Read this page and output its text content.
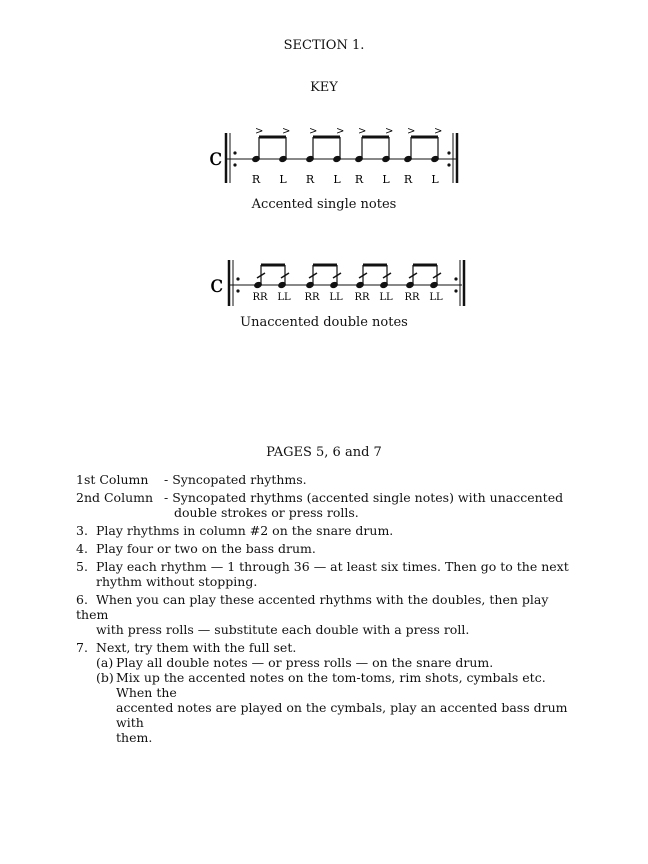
SECTION 1.
KEY
c
>
R
>
L
>
R
>
L
>
R
>
L
>
R
>
L
Accented single notes
c	RR LL RR LL RR LL RR LL
Unaccented double notes
PAGES 5, 6 and 7
1st Column - Syncopated rhythms.
2nd Column - Syncopated rhythms (accented single notes) with unaccented
double strokes or press rolls.
3. Play rhythms in column #2 on the snare drum.
4. Play four or two on the bass drum.
5. Play each rhythm — 1 through 36 — at least six times. Then go to the next
rhythm without stopping.
6. When you can play these accented rhythms with the doubles, then play them
with press rolls — substitute each double with a press roll.
7. Next, try them with the full set.
(a) Play all double notes — or press rolls — on the snare drum.
(b) Mix up the accented notes on the tom-toms, rim shots, cymbals etc. When the
accented notes are played on the cymbals, play an accented bass drum with
them.
